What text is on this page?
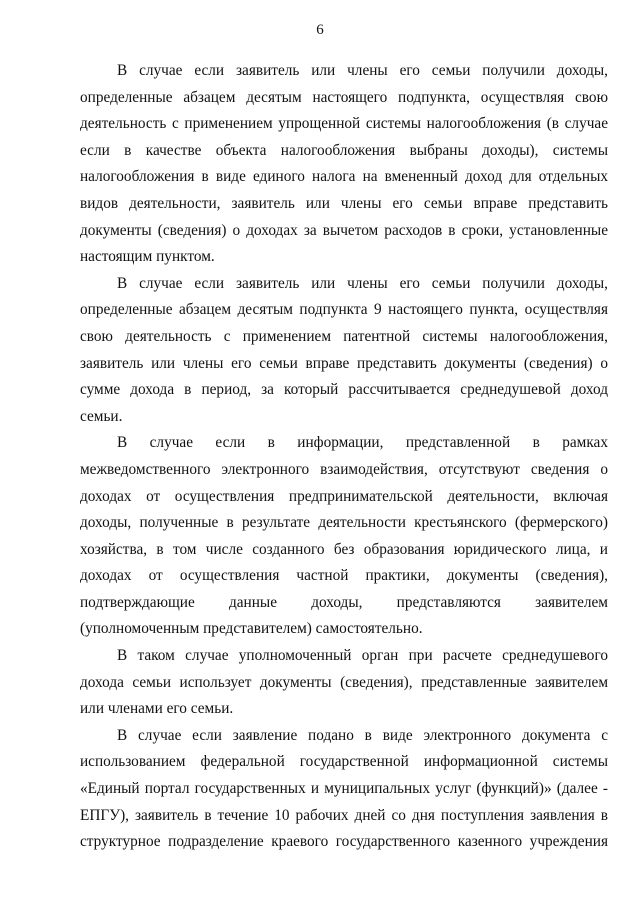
6

В случае если заявитель или члены его семьи получили доходы,
определенные абзацем десятым настоящего подпункта, осуществляя свою
деятельность с применением упрощенной системы налогообложения (в случае
если в качестве объекта налогообложения выбраны доходы), системы
налогообложения в виде единого налога на вмененный доход для отдельных
видов деятельности, заявитель или члены его семьи вправе представить
документы (сведения) о доходах за вычетом расходов в сроки, установленные
настоящим пунктом.

В случае если заявитель или члены его семьи получили доходы,
определенные абзацем десятым подпункта 9 настоящего пункта, осуществляя
свою деятельность с применением патентной системы налогообложения,
заявитель или члены его семьи вправе представить документы (сведения) о
сумме дохода в период, за который рассчитывается среднедушевой доход
семьи.

В случае если в информации, представленной в рамках
межведомственного электронного взаимодействия, отсутствуют сведения о
доходах от осуществления предпринимательской деятельности, включая
доходы, полученные в результате деятельности крестьянского (фермерского)
хозяйства, в том числе созданного без образования юридического лица, и
доходах от осуществления частной практики, документы (сведения),
подтверждающие данные доходы, представляются заявителем
(уполномоченным представителем) самостоятельно.

В таком случае уполномоченный орган при расчете среднедушевого
дохода семьи использует документы (сведения), представленные заявителем
или членами его семьи.

В случае если заявление подано в виде электронного документа с
использованием федеральной государственной информационной системы
«Единый портал государственных и муниципальных услуг (функций)» (далее -
ЕПГУ), заявитель в течение 10 рабочих дней со дня поступления заявления в
структурное подразделение краевого государственного казенного учреждения
